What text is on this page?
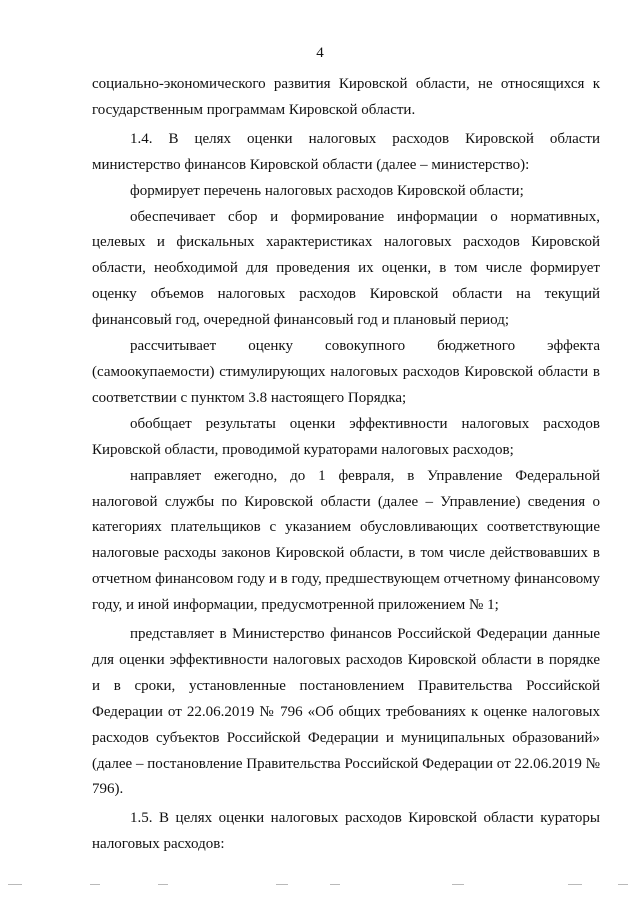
4

социально-экономического развития Кировской области, не относящихся к государственным программам Кировской области.

1.4. В целях оценки налоговых расходов Кировской области министерство финансов Кировской области (далее – министерство):

формирует перечень налоговых расходов Кировской области;

обеспечивает сбор и формирование информации о нормативных, целевых и фискальных характеристиках налоговых расходов Кировской области, необходимой для проведения их оценки, в том числе формирует оценку объемов налоговых расходов Кировской области на текущий финансовый год, очередной финансовый год и плановый период;

рассчитывает оценку совокупного бюджетного эффекта (самоокупаемости) стимулирующих налоговых расходов Кировской области в соответствии с пунктом 3.8 настоящего Порядка;

обобщает результаты оценки эффективности налоговых расходов Кировской области, проводимой кураторами налоговых расходов;

направляет ежегодно, до 1 февраля, в Управление Федеральной налоговой службы по Кировской области (далее – Управление) сведения о категориях плательщиков с указанием обусловливающих соответствующие налоговые расходы законов Кировской области, в том числе действовавших в отчетном финансовом году и в году, предшествующем отчетному финансовому году, и иной информации, предусмотренной приложением № 1;

представляет в Министерство финансов Российской Федерации данные для оценки эффективности налоговых расходов Кировской области в порядке и в сроки, установленные постановлением Правительства Российской Федерации от 22.06.2019 № 796 «Об общих требованиях к оценке налоговых расходов субъектов Российской Федерации и муниципальных образований» (далее – постановление Правительства Российской Федерации от 22.06.2019 № 796).

1.5. В целях оценки налоговых расходов Кировской области кураторы налоговых расходов:
